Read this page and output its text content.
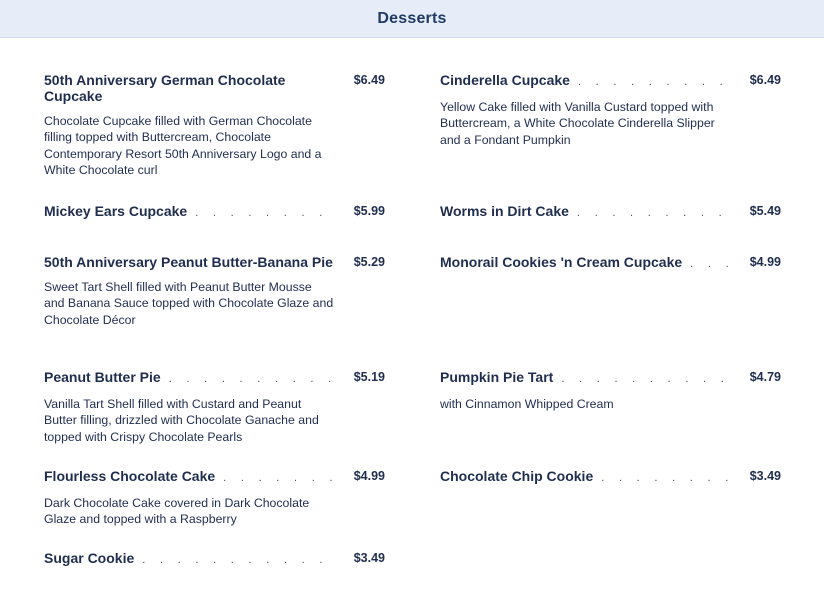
Desserts
50th Anniversary German Chocolate Cupcake
$6.49
Chocolate Cupcake filled with German Chocolate filling topped with Buttercream, Chocolate Contemporary Resort 50th Anniversary Logo and a White Chocolate curl
Mickey Ears Cupcake . . .	$5.99
50th Anniversary Peanut Butter-Banana Pie $5.29
Sweet Tart Shell filled with Peanut Butter Mousse and Banana Sauce topped with Chocolate Glaze and Chocolate Décor
Peanut Butter Pie . . .	$5.19
Vanilla Tart Shell filled with Custard and Peanut Butter filling, drizzled with Chocolate Ganache and topped with Crispy Chocolate Pearls
Flourless Chocolate Cake . . .	$4.99
Dark Chocolate Cake covered in Dark Chocolate Glaze and topped with a Raspberry
Sugar Cookie . . .	$3.49
Cinderella Cupcake . . .	$6.49
Yellow Cake filled with Vanilla Custard topped with Buttercream, a White Chocolate Cinderella Slipper and a Fondant Pumpkin
Worms in Dirt Cake . . .	$5.49
Monorail Cookies 'n Cream Cupcake . . .	$4.99
Pumpkin Pie Tart . . .	$4.79
with Cinnamon Whipped Cream
Chocolate Chip Cookie . . .	$3.49
